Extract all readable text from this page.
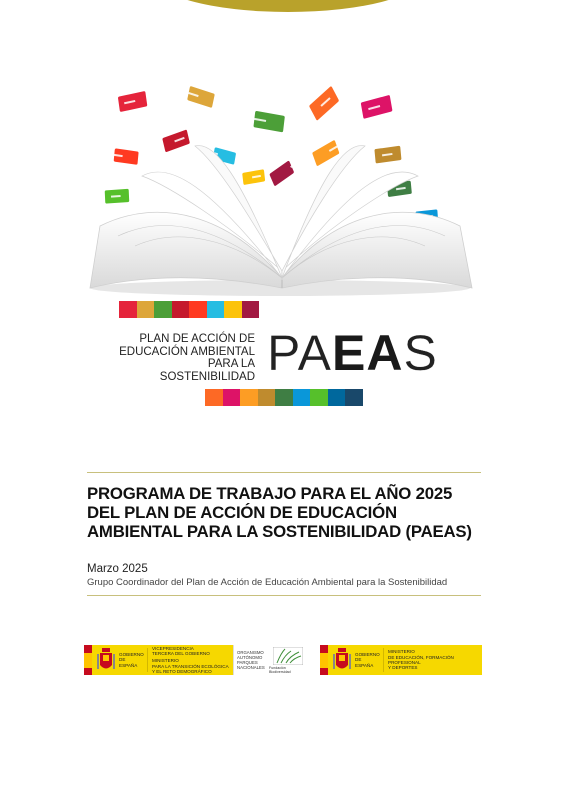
PLAN DE ACCIÓN DE
EDUCACIÓN AMBIENTAL
PARA LA SOSTENIBILIDAD PAEAS
PROGRAMA DE TRABAJO PARA EL AÑO 2025 DEL PLAN DE ACCIÓN DE EDUCACIÓN AMBIENTAL PARA LA SOSTENIBILIDAD (PAEAS)
Marzo 2025
Grupo Coordinador del Plan de Acción de Educación Ambiental para la Sostenibilidad
GOBIERNO DE ESPAÑA
VICEPRESIDENCIA
TERCERA DEL GOBIERNO
MINISTERIO
PARA LA TRANSICIÓN ECOLÓGICA
Y EL RETO DEMOGRÁFICO
ORGANISMO
AUTÓNOMO
PARQUES
NACIONALES	Fundación Biodiversidad
GOBIERNO DE ESPAÑA
MINISTERIO
DE EDUCACIÓN, FORMACIÓN PROFESIONAL
Y DEPORTES
